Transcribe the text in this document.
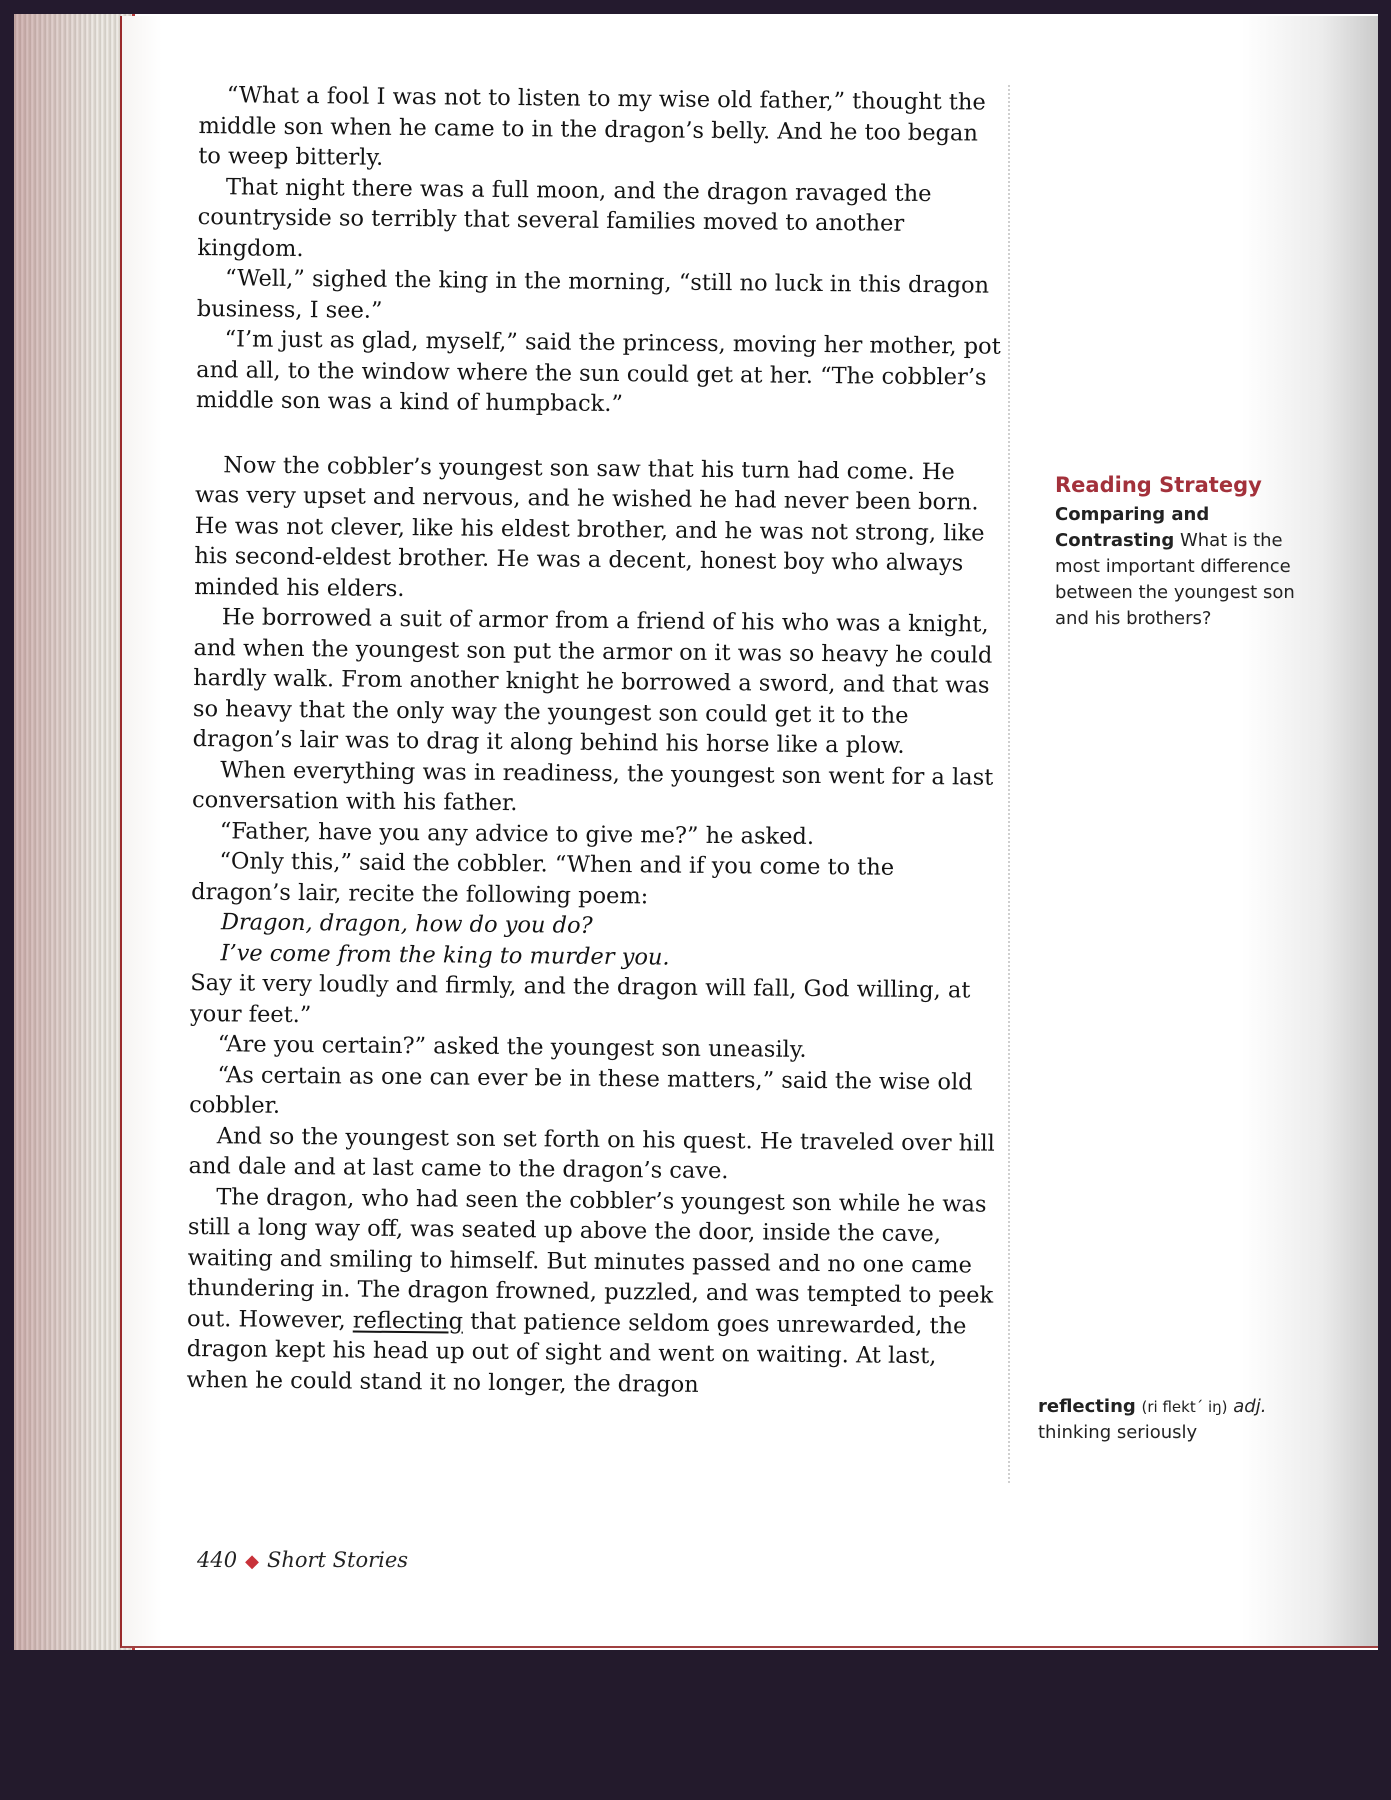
“What a fool I was not to listen to my wise old father,” thought the middle son when he came to in the dragon’s belly. And he too began to weep bitterly.

That night there was a full moon, and the dragon ravaged the countryside so terribly that several families moved to another kingdom.

“Well,” sighed the king in the morning, “still no luck in this dragon business, I see.”

“I’m just as glad, myself,” said the princess, moving her mother, pot and all, to the window where the sun could get at her. “The cobbler’s middle son was a kind of humpback.”

Now the cobbler’s youngest son saw that his turn had come. He was very upset and nervous, and he wished he had never been born. He was not clever, like his eldest brother, and he was not strong, like his second-eldest brother. He was a decent, honest boy who always minded his elders.

He borrowed a suit of armor from a friend of his who was a knight, and when the youngest son put the armor on it was so heavy he could hardly walk. From another knight he borrowed a sword, and that was so heavy that the only way the youngest son could get it to the dragon’s lair was to drag it along behind his horse like a plow.

When everything was in readiness, the youngest son went for a last conversation with his father.

“Father, have you any advice to give me?” he asked.

“Only this,” said the cobbler. “When and if you come to the dragon’s lair, recite the following poem:

Dragon, dragon, how do you do?

I’ve come from the king to murder you.

Say it very loudly and firmly, and the dragon will fall, God willing, at your feet.”

“Are you certain?” asked the youngest son uneasily.

“As certain as one can ever be in these matters,” said the wise old cobbler.

And so the youngest son set forth on his quest. He traveled over hill and dale and at last came to the dragon’s cave.

The dragon, who had seen the cobbler’s youngest son while he was still a long way off, was seated up above the door, inside the cave, waiting and smiling to himself. But minutes passed and no one came thundering in. The dragon frowned, puzzled, and was tempted to peek out. However, reflecting that patience seldom goes unrewarded, the dragon kept his head up out of sight and went on waiting. At last, when he could stand it no longer, the dragon

Reading Strategy

Comparing and Contrasting What is the most important difference between the youngest son and his brothers?

reflecting (ri flekt´ iŋ) adj.
thinking seriously
440 ◆ Short Stories
